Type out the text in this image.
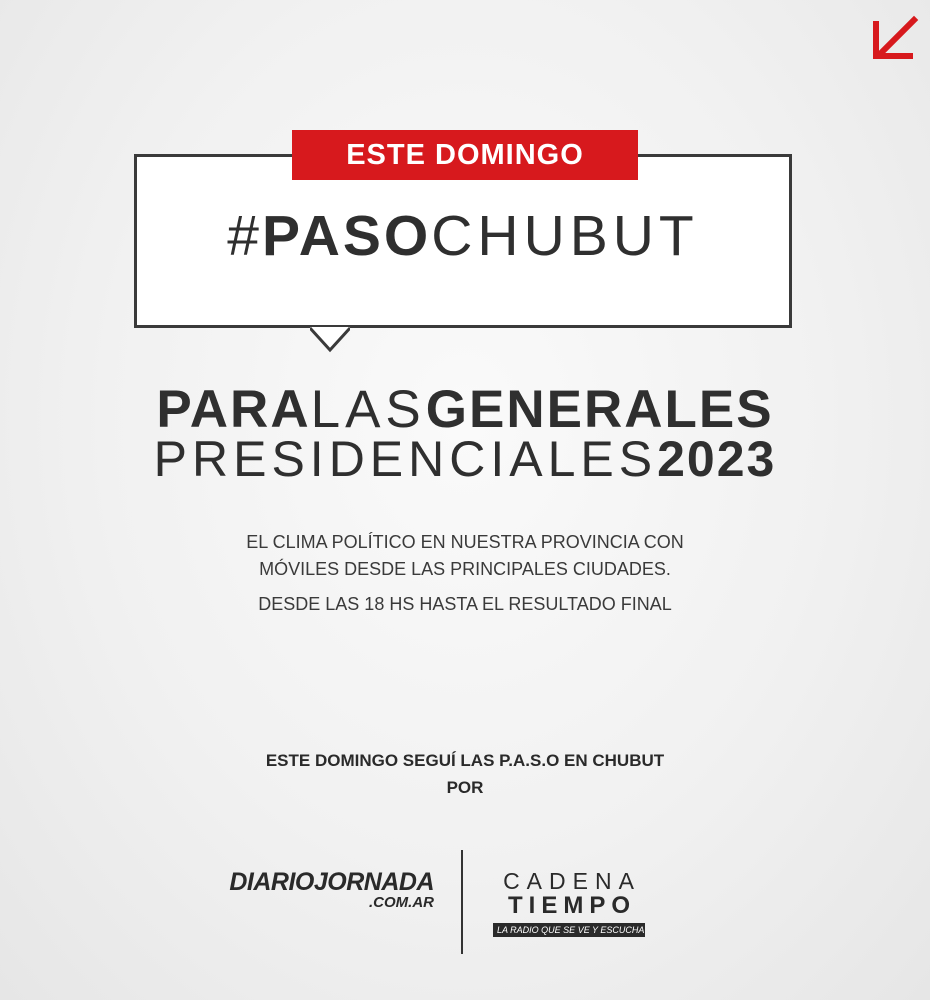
ESTE DOMINGO
#PASOCHUBUT
PARALASGENERALES
PRESIDENCIALES2023
EL CLIMA POLÍTICO EN NUESTRA PROVINCIA CON
MÓVILES DESDE LAS PRINCIPALES CIUDADES.
DESDE LAS 18 HS HASTA EL RESULTADO FINAL
ESTE DOMINGO SEGUÍ LAS P.A.S.O EN CHUBUT
POR
DIARIOJORNADA
.COM.AR
CADENA
TIEMPO
LA RADIO QUE SE VE Y ESCUCHA
